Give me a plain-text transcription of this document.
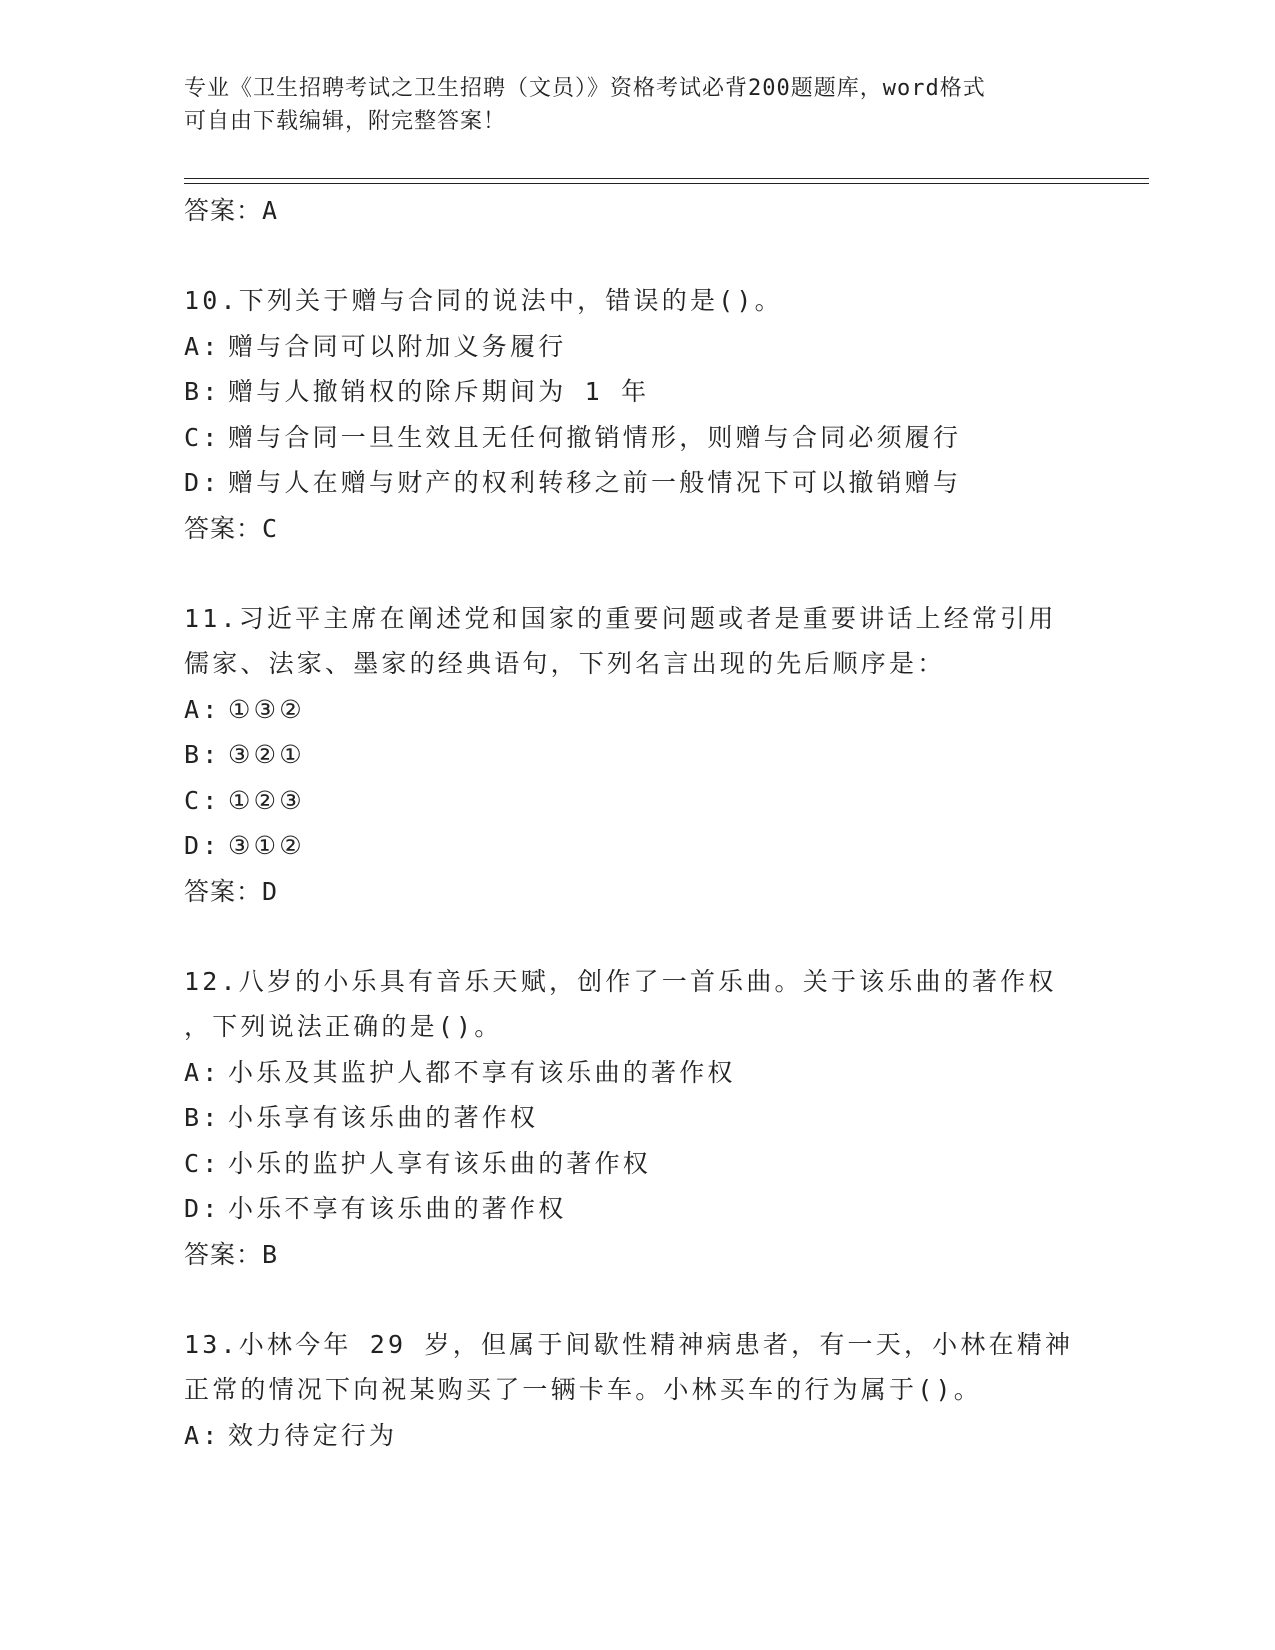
专业《卫生招聘考试之卫生招聘（文员）》资格考试必背200题题库，word格式
可自由下载编辑，附完整答案！
答案：A
10.下列关于赠与合同的说法中，错误的是()。
A: 赠与合同可以附加义务履行
B: 赠与人撤销权的除斥期间为 1 年
C: 赠与合同一旦生效且无任何撤销情形，则赠与合同必须履行
D: 赠与人在赠与财产的权利转移之前一般情况下可以撤销赠与
答案：C
11.习近平主席在阐述党和国家的重要问题或者是重要讲话上经常引用
儒家、法家、墨家的经典语句，下列名言出现的先后顺序是：
A: ①③②
B: ③②①
C: ①②③
D: ③①②
答案：D
12.八岁的小乐具有音乐天赋，创作了一首乐曲。关于该乐曲的著作权
，下列说法正确的是()。
A: 小乐及其监护人都不享有该乐曲的著作权
B: 小乐享有该乐曲的著作权
C: 小乐的监护人享有该乐曲的著作权
D: 小乐不享有该乐曲的著作权
答案：B
13.小林今年 29 岁，但属于间歇性精神病患者，有一天，小林在精神
正常的情况下向祝某购买了一辆卡车。小林买车的行为属于()。
A: 效力待定行为
